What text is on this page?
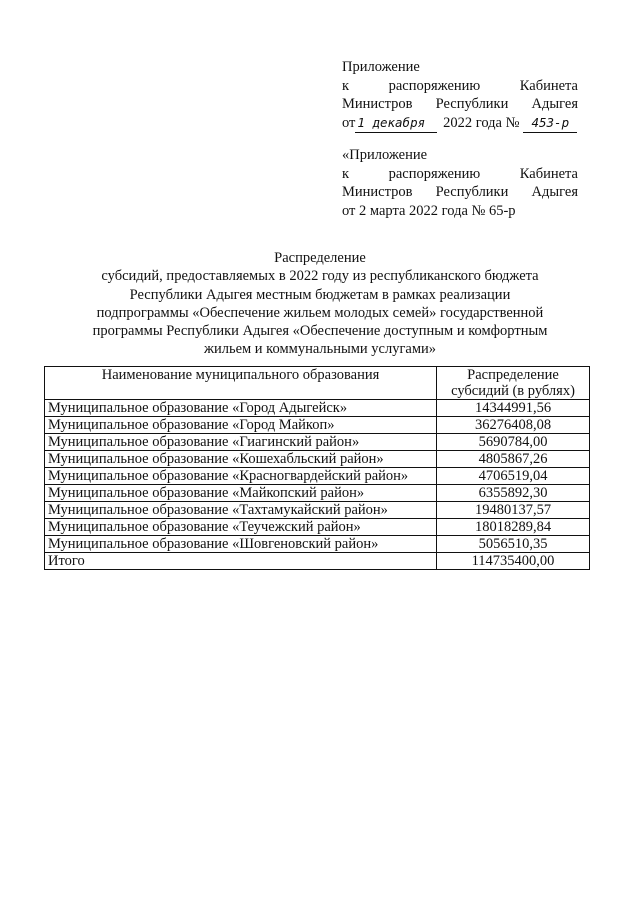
Приложение
к	распоряжению	Кабинета
Министров Республики Адыгея
от 1 декабря	2022 года № 453-р
«Приложение
к	распоряжению	Кабинета
Министров Республики Адыгея
от 2 марта 2022 года № 65-р
Распределение
субсидий, предоставляемых в 2022 году из республиканского бюджета
Республики Адыгея местным бюджетам в рамках реализации
подпрограммы «Обеспечение жильем молодых семей» государственной
программы Республики Адыгея «Обеспечение доступным и комфортным
жильем и коммунальными услугами»
Наименование муниципального образования	Распределение
субсидий (в рублях)

Муниципальное образование «Город Адыгейск»	14344991,56
Муниципальное образование «Город Майкоп»	36276408,08
Муниципальное образование «Гиагинский район»	5690784,00
Муниципальное образование «Кошехабльский район»	4805867,26
Муниципальное образование «Красногвардейский район»	4706519,04
Муниципальное образование «Майкопский район»	6355892,30
Муниципальное образование «Тахтамукайский район»	19480137,57
Муниципальное образование «Теучежский район»	18018289,84
Муниципальное образование «Шовгеновский район»	5056510,35
Итого	114735400,00
